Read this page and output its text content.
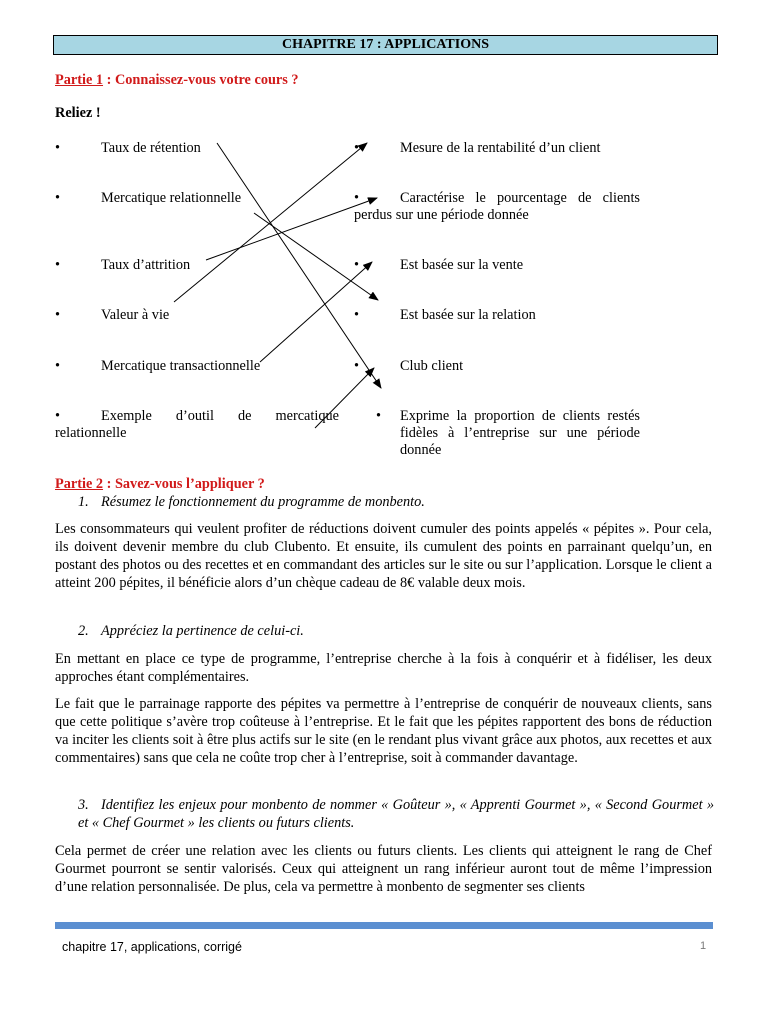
CHAPITRE 17 : APPLICATIONS
Partie 1 : Connaissez-vous votre cours ?
Reliez !
•	Taux de rétention
•	Mercatique relationnelle
•	Taux d’attrition
•	Valeur à vie
•	Mercatique transactionnelle
•	Exemple d’outil de mercatique relationnelle
•	Mesure de la rentabilité d’un client
•	Caractérise le pourcentage de clients perdus sur une période donnée
•	Est basée sur la vente
•	Est basée sur la relation
•	Club client
• Exprime la proportion de clients restés fidèles à l’entreprise sur une période donnée
Partie 2 : Savez-vous l’appliquer ?
1. Résumez le fonctionnement du programme de monbento.
Les consommateurs qui veulent profiter de réductions doivent cumuler des points appelés « pépites ». Pour cela, ils doivent devenir membre du club Clubento. Et ensuite, ils cumulent des points en parrainant quelqu’un, en postant des photos ou des recettes et en commandant des articles sur le site ou sur l’application. Lorsque le client a atteint 200 pépites, il bénéficie alors d’un chèque cadeau de 8€ valable deux mois.
2. Appréciez la pertinence de celui-ci.
En mettant en place ce type de programme, l’entreprise cherche à la fois à conquérir et à fidéliser, les deux approches étant complémentaires.
Le fait que le parrainage rapporte des pépites va permettre à l’entreprise de conquérir de nouveaux clients, sans que cette politique s’avère trop coûteuse à l’entreprise. Et le fait que les pépites rapportent des bons de réduction va inciter les clients soit à être plus actifs sur le site (en le rendant plus vivant grâce aux photos, aux recettes et aux commentaires) sans que cela ne coûte trop cher à l’entreprise, soit à commander davantage.
3. Identifiez les enjeux pour monbento de nommer « Goûteur », « Apprenti Gourmet », « Second Gourmet » et « Chef Gourmet » les clients ou futurs clients.
Cela permet de créer une relation avec les clients ou futurs clients. Les clients qui atteignent le rang de Chef Gourmet pourront se sentir valorisés. Ceux qui atteignent un rang inférieur auront tout de même l’impression d’une relation personnalisée. De plus, cela va permettre à monbento de segmenter ses clients
chapitre 17, applications, corrigé	1
